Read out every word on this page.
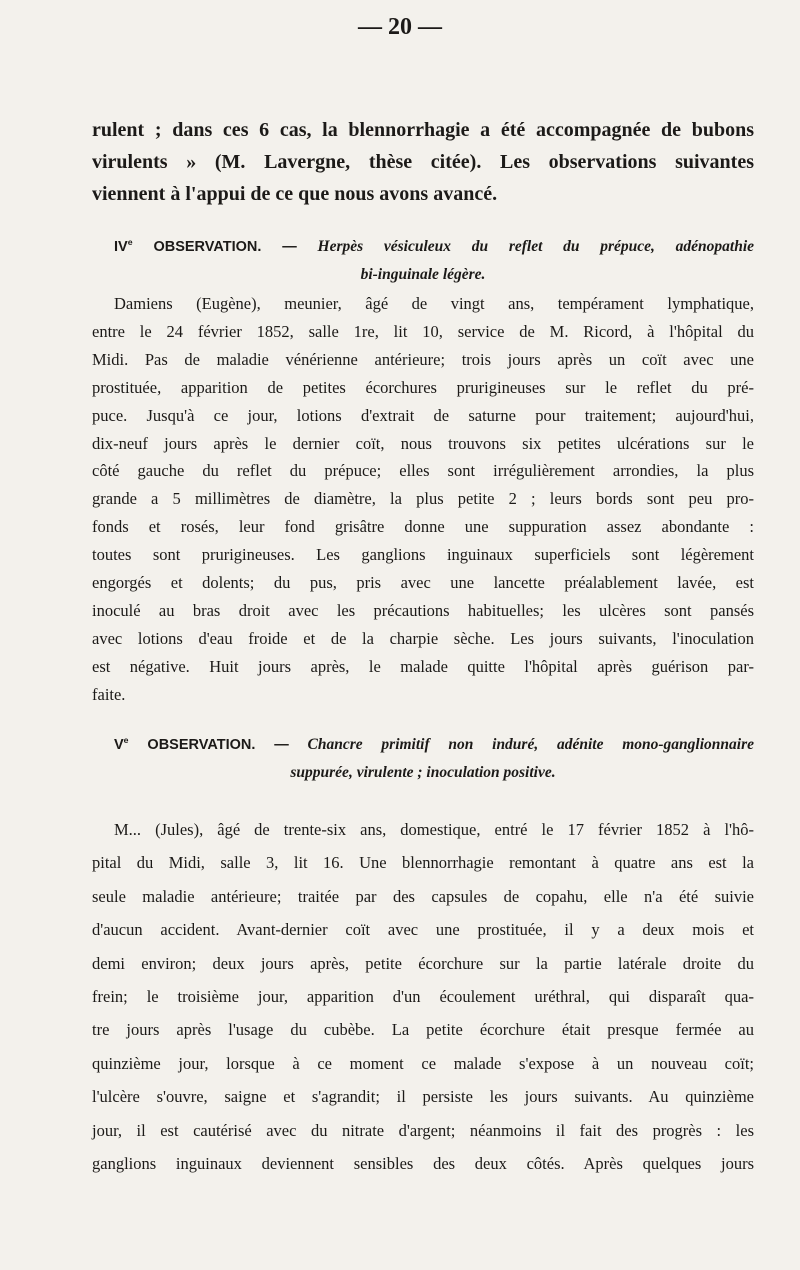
— 20 —
rulent ; dans ces 6 cas, la blennorrhagie a été accompagnée de bubons
virulents » (M. Lavergne, thèse citée). Les observations suivantes
viennent à l'appui de ce que nous avons avancé.
IVe OBSERVATION. — Herpès vésiculeux du reflet du prépuce, adénopathie
bi-inguinale légère.
Damiens (Eugène), meunier, âgé de vingt ans, tempérament lymphatique,
entre le 24 février 1852, salle 1re, lit 10, service de M. Ricord, à l'hôpital du
Midi. Pas de maladie vénérienne antérieure; trois jours après un coït avec une
prostituée, apparition de petites écorchures prurigineuses sur le reflet du pré-
puce. Jusqu'à ce jour, lotions d'extrait de saturne pour traitement; aujourd'hui,
dix-neuf jours après le dernier coït, nous trouvons six petites ulcérations sur le
côté gauche du reflet du prépuce; elles sont irrégulièrement arrondies, la plus
grande a 5 millimètres de diamètre, la plus petite 2 ; leurs bords sont peu pro-
fonds et rosés, leur fond grisâtre donne une suppuration assez abondante :
toutes sont prurigineuses. Les ganglions inguinaux superficiels sont légèrement
engorgés et dolents; du pus, pris avec une lancette préalablement lavée, est
inoculé au bras droit avec les précautions habituelles; les ulcères sont pansés
avec lotions d'eau froide et de la charpie sèche. Les jours suivants, l'inoculation
est négative. Huit jours après, le malade quitte l'hôpital après guérison par-
faite.
Ve OBSERVATION. — Chancre primitif non induré, adénite mono-ganglionnaire
suppurée, virulente ; inoculation positive.
M... (Jules), âgé de trente-six ans, domestique, entré le 17 février 1852 à l'hô-
pital du Midi, salle 3, lit 16. Une blennorrhagie remontant à quatre ans est la
seule maladie antérieure; traitée par des capsules de copahu, elle n'a été suivie
d'aucun accident. Avant-dernier coït avec une prostituée, il y a deux mois et
demi environ; deux jours après, petite écorchure sur la partie latérale droite du
frein; le troisième jour, apparition d'un écoulement uréthral, qui disparaît qua-
tre jours après l'usage du cubèbe. La petite écorchure était presque fermée au
quinzième jour, lorsque à ce moment ce malade s'expose à un nouveau coït;
l'ulcère s'ouvre, saigne et s'agrandit; il persiste les jours suivants. Au quinzième
jour, il est cautérisé avec du nitrate d'argent; néanmoins il fait des progrès : les
ganglions inguinaux deviennent sensibles des deux côtés. Après quelques jours
